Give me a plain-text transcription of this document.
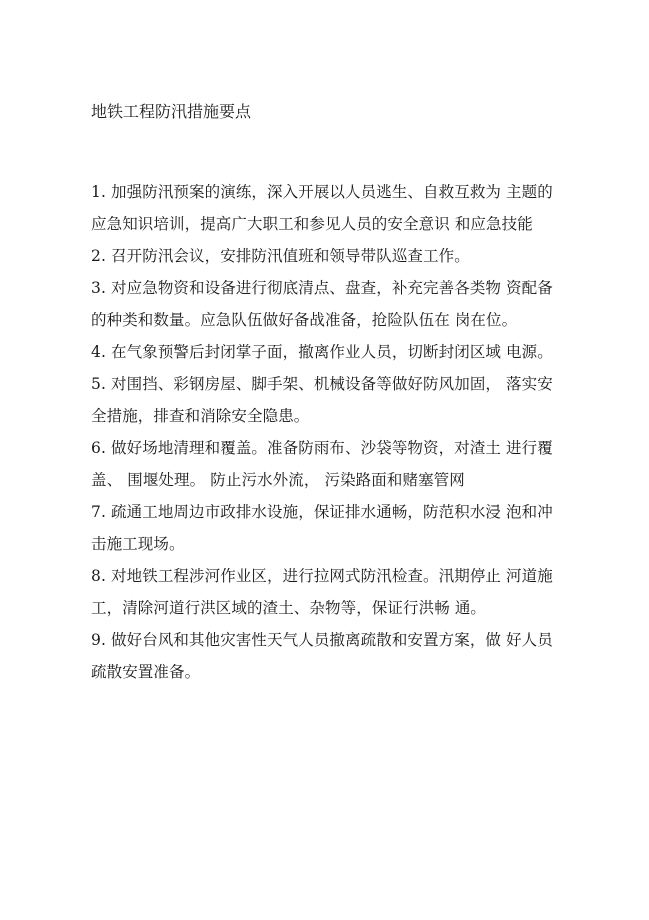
地铁工程防汛措施要点
1. 加强防汛预案的演练，深入开展以人员逃生、自救互救为 主题的应急知识培训，提高广大职工和参见人员的安全意识 和应急技能
2. 召开防汛会议，安排防汛值班和领导带队巡查工作。
3. 对应急物资和设备进行彻底清点、盘查，补充完善各类物 资配备的种类和数量。应急队伍做好备战准备，抢险队伍在 岗在位。
4. 在气象预警后封闭掌子面，撤离作业人员，切断封闭区域 电源。
5. 对围挡、彩钢房屋、脚手架、机械设备等做好防风加固， 落实安全措施，排查和消除安全隐患。
6. 做好场地清理和覆盖。准备防雨布、沙袋等物资，对渣土 进行覆盖、 围堰处理。 防止污水外流， 污染路面和赌塞管网
7. 疏通工地周边市政排水设施，保证排水通畅，防范积水浸 泡和冲击施工现场。
8. 对地铁工程涉河作业区，进行拉网式防汛检查。汛期停止 河道施工，清除河道行洪区域的渣土、杂物等，保证行洪畅 通。
9. 做好台风和其他灾害性天气人员撤离疏散和安置方案，做 好人员疏散安置准备。
